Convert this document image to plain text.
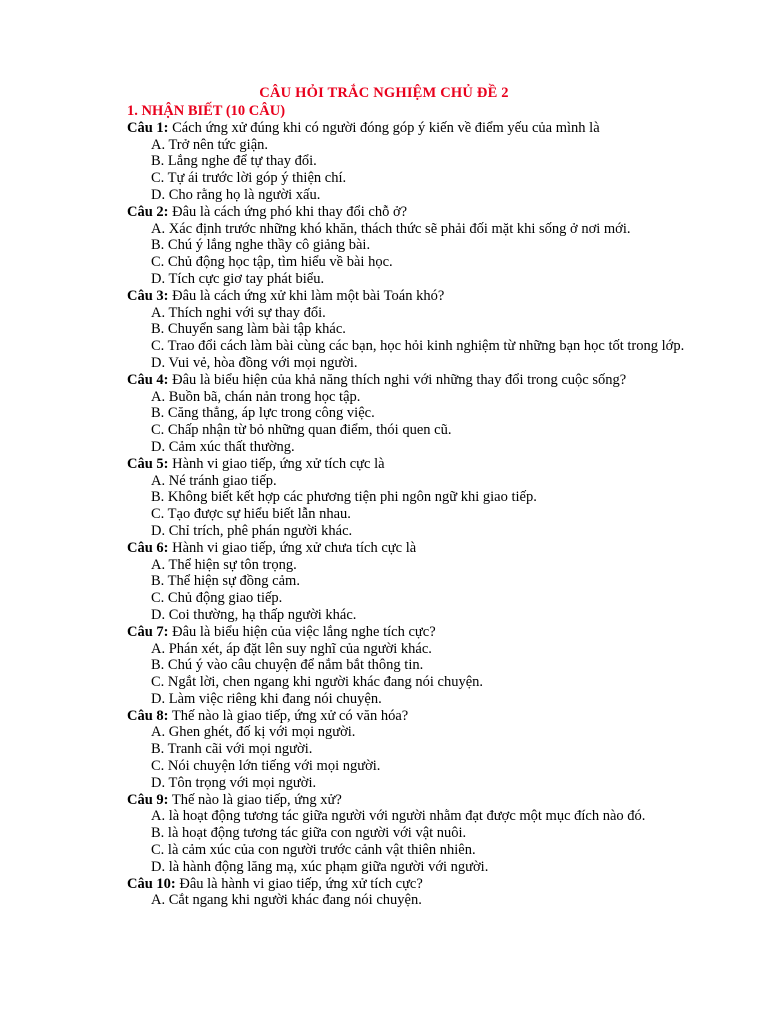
CÂU HỎI TRẮC NGHIỆM CHỦ ĐỀ 2
1. NHẬN BIẾT (10 CÂU)
Câu 1: Cách ứng xử đúng khi có người đóng góp ý kiến về điểm yếu của mình là
A. Trở nên tức giận.
B. Lắng nghe để tự thay đổi.
C. Tự ái trước lời góp ý thiện chí.
D. Cho rằng họ là người xấu.
Câu 2: Đâu là cách ứng phó khi thay đổi chỗ ở?
A. Xác định trước những khó khăn, thách thức sẽ phải đối mặt khi sống ở nơi mới.
B. Chú ý lắng nghe thầy cô giảng bài.
C. Chủ động học tập, tìm hiểu về bài học.
D. Tích cực giơ tay phát biểu.
Câu 3: Đâu là cách ứng xử khi làm một bài Toán khó?
A. Thích nghi với sự thay đổi.
B. Chuyển sang làm bài tập khác.
C. Trao đổi cách làm bài cùng các bạn, học hỏi kinh nghiệm từ những bạn học tốt trong lớp.
D. Vui vẻ, hòa đồng với mọi người.
Câu 4: Đâu là biểu hiện của khả năng thích nghi với những thay đổi trong cuộc sống?
A. Buồn bã, chán nản trong học tập.
B. Căng thẳng, áp lực trong công việc.
C. Chấp nhận từ bỏ những quan điểm, thói quen cũ.
D. Cảm xúc thất thường.
Câu 5: Hành vi giao tiếp, ứng xử tích cực là
A. Né tránh giao tiếp.
B. Không biết kết hợp các phương tiện phi ngôn ngữ khi giao tiếp.
C. Tạo được sự hiểu biết lẫn nhau.
D. Chỉ trích, phê phán người khác.
Câu 6: Hành vi giao tiếp, ứng xử chưa tích cực là
A. Thể hiện sự tôn trọng.
B. Thể hiện sự đồng cảm.
C. Chủ động giao tiếp.
D. Coi thường, hạ thấp người khác.
Câu 7: Đâu là biểu hiện của việc lắng nghe tích cực?
A. Phán xét, áp đặt lên suy nghĩ của người khác.
B. Chú ý vào câu chuyện để nắm bắt thông tin.
C. Ngắt lời, chen ngang khi người khác đang nói chuyện.
D. Làm việc riêng khi đang nói chuyện.
Câu 8: Thế nào là giao tiếp, ứng xử có văn hóa?
A. Ghen ghét, đố kị với mọi người.
B. Tranh cãi với mọi người.
C. Nói chuyện lớn tiếng với mọi người.
D. Tôn trọng với mọi người.
Câu 9: Thế nào là giao tiếp, ứng xử?
A. là hoạt động tương tác giữa người với người nhằm đạt được một mục đích nào đó.
B. là hoạt động tương tác giữa con người với vật nuôi.
C. là cảm xúc của con người trước cảnh vật thiên nhiên.
D. là hành động lăng mạ, xúc phạm giữa người với người.
Câu 10: Đâu là hành vi giao tiếp, ứng xử tích cực?
A. Cắt ngang khi người khác đang nói chuyện.
